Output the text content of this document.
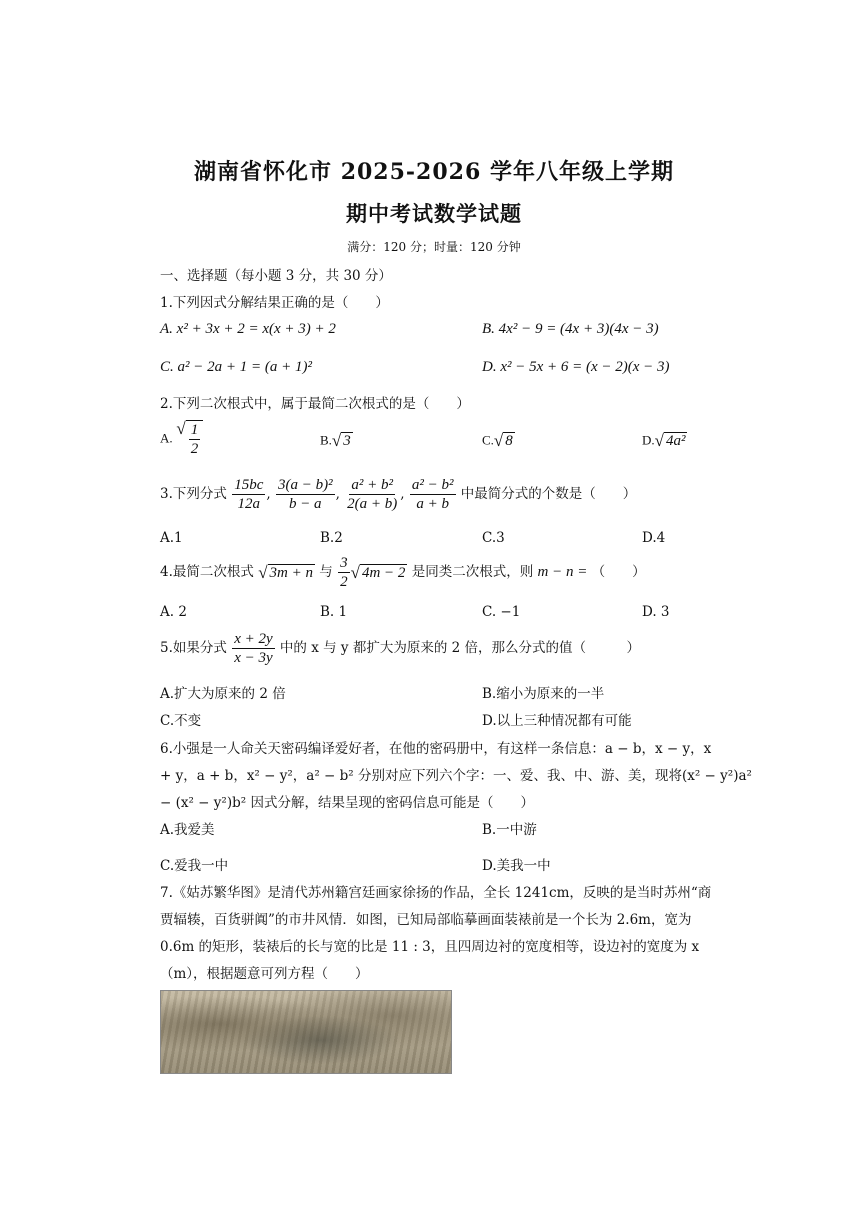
湖南省怀化市 2025-2026 学年八年级上学期
期中考试数学试题
满分：120 分；时量：120 分钟
一、选择题（每小题 3 分，共 30 分）
1.下列因式分解结果正确的是（　　）
A. x² + 3x + 2 = x(x + 3) + 2	B. 4x² − 9 = (4x + 3)(4x − 3)
C. a² − 2a + 1 = (a + 1)²	D. x² − 5x + 6 = (x − 2)(x − 3)
2.下列二次根式中，属于最简二次根式的是（　　）
A. √ $\frac{1}{2}$	B. √ 3	C. √ 8	D. √ 4a²
3.下列分式 $\frac{15bc}{12a}$ , $\frac{\text{3(a − b)²}}{b - a}$ , $\frac{\text{a² + b²}}{2(a + b)}$ , $\frac{\text{a² − b²}}{a + b}$ 中最简分式的个数是（　　）
A.1	B.2	C.3	D.4
4.最简二次根式 √ 3m + n 与 $\frac{3}{2}$ √ 4m − 2 是同类二次根式，则 m − n = （　　）
A. 2	B. 1	C. −1	D. 3
5.如果分式 $\frac{x + 2y}{x - 3y}$ 中的 x 与 y 都扩大为原来的 2 倍，那么分式的值（　　　）
A.扩大为原来的 2 倍	B.缩小为原来的一半
C.不变	D.以上三种情况都有可能
6.小强是一人命关天密码编译爱好者，在他的密码册中，有这样一条信息：a − b，x − y，x
+ y，a + b，x² − y²，a² − b² 分别对应下列六个字：一、爱、我、中、游、美，现将(x² − y²)a²
− (x² − y²)b² 因式分解，结果呈现的密码信息可能是（　　）
A.我爱美	B.一中游
C.爱我一中	D.美我一中
7.《姑苏繁华图》是清代苏州籍宫廷画家徐扬的作品，全长 1241cm，反映的是当时苏州“商
贾辐辏，百货骈阗”的市井风情．如图，已知局部临摹画面装裱前是一个长为 2.6m，宽为
0.6m 的矩形，装裱后的长与宽的比是 11 : 3，且四周边衬的宽度相等，设边衬的宽度为 x
（m），根据题意可列方程（　　）
